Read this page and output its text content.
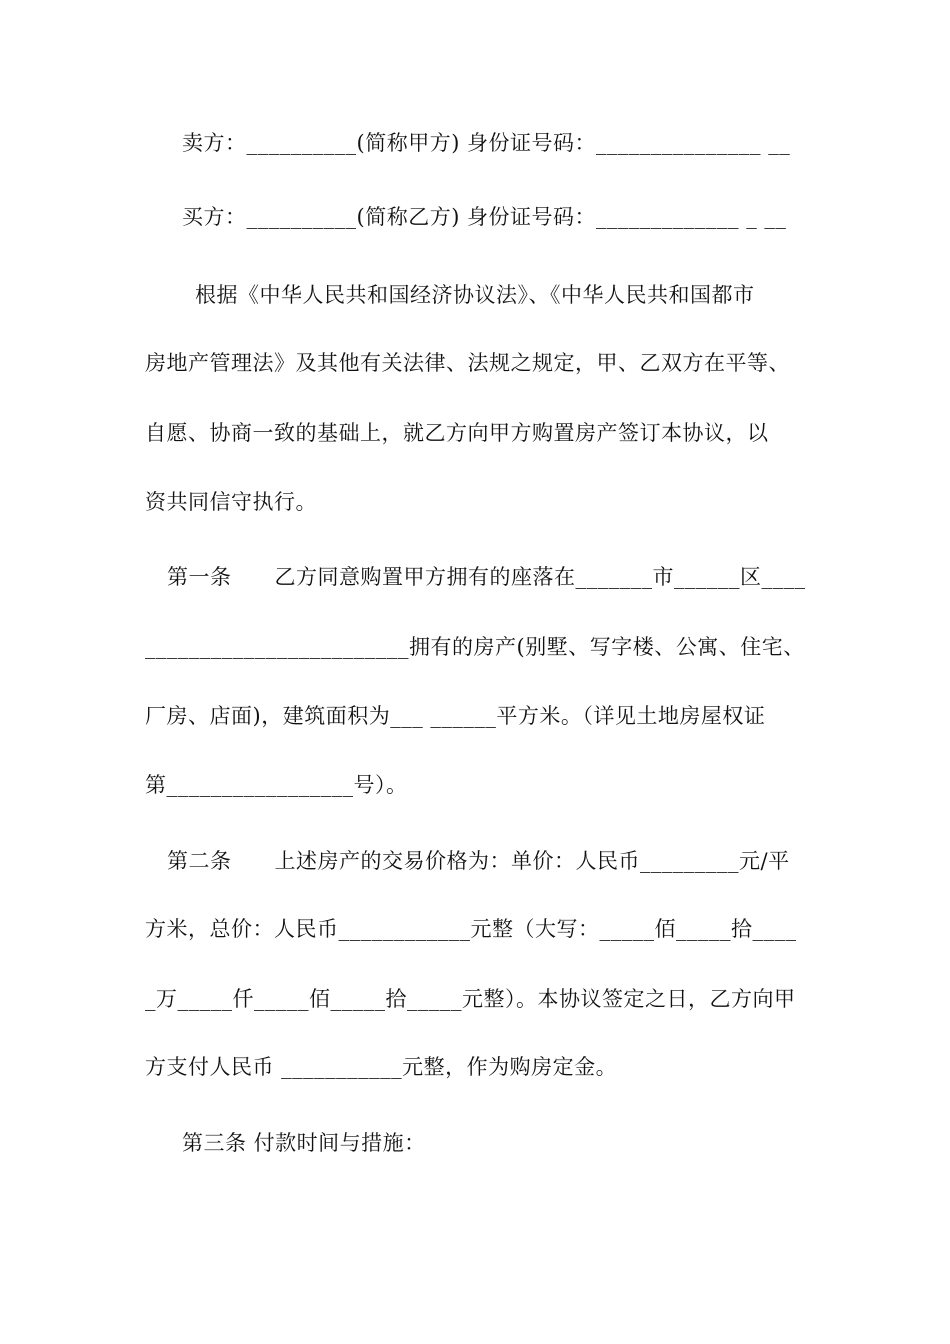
卖方：__________(简称甲方) 身份证号码：_______________ __
买方：__________(简称乙方) 身份证号码：_____________ _ __
根据《中华人民共和国经济协议法》、《中华人民共和国都市
房地产管理法》及其他有关法律、法规之规定，甲、乙双方在平等、
自愿、协商一致的基础上，就乙方向甲方购置房产签订本协议，以
资共同信守执行。
第一条　　乙方同意购置甲方拥有的座落在_______市______区____
________________________拥有的房产(别墅、写字楼、公寓、住宅、
厂房、店面)，建筑面积为___ ______平方米。（详见土地房屋权证
第_________________号）。
第二条　　上述房产的交易价格为：单价：人民币_________元/平
方米，总价：人民币____________元整（大写：_____佰_____拾____
_万_____仟_____佰_____拾_____元整）。本协议签定之日，乙方向甲
方支付人民币 ___________元整，作为购房定金。
第三条 付款时间与措施：
